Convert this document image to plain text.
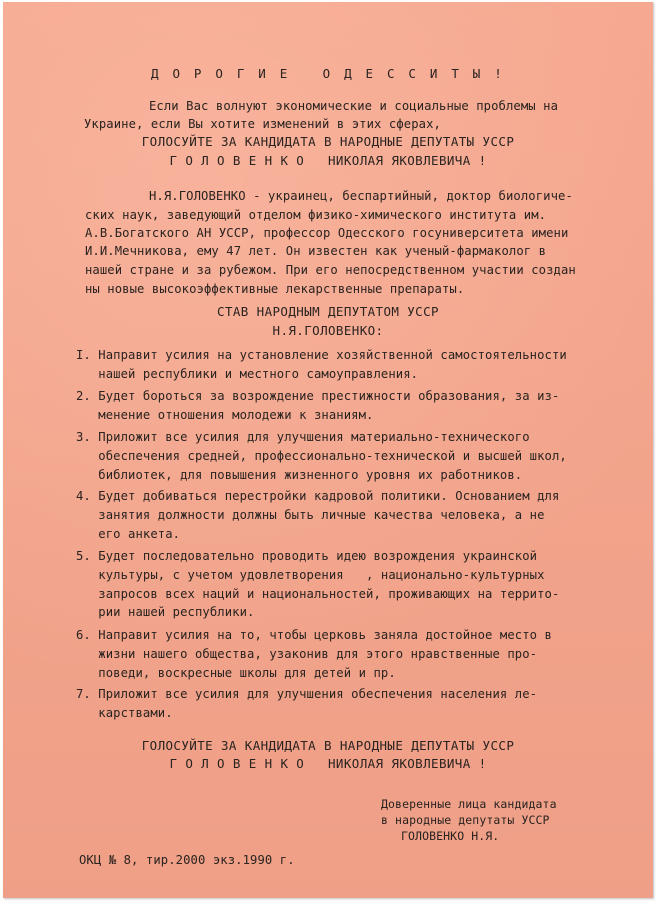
Д О Р О Г И Е   О Д Е С С И Т Ы !
Если Вас волнуют экономические и социальные проблемы на
Украине, если Вы хотите изменений в этих сферах,
ГОЛОСУЙТЕ ЗА КАНДИДАТА В НАРОДНЫЕ ДЕПУТАТЫ УССР
Г О Л О В Е Н К О   НИКОЛАЯ ЯКОВЛЕВИЧА !
Н.Я.ГОЛОВЕНКО - украинец, беспартийный, доктор биологиче-
ских наук, заведующий отделом физико-химического института им.
А.В.Богатского АН УССР, профессор Одесского госуниверситета имени
И.И.Мечникова, ему 47 лет. Он известен как ученый-фармаколог в
нашей стране и за рубежом. При его непосредственном участии создан
ны новые высокоэффективные лекарственные препараты.
СТАВ НАРОДНЫМ ДЕПУТАТОМ УССР
Н.Я.ГОЛОВЕНКО:
I. Направит усилия на установление хозяйственной самостоятельности
нашей республики и местного самоуправления.
2. Будет бороться за возрождение престижности образования, за из-
менение отношения молодежи к знаниям.
3. Приложит все усилия для улучшения материально-технического
обеспечения средней, профессионально-технической и высшей школ,
библиотек, для повышения жизненного уровня их работников.
4. Будет добиваться перестройки кадровой политики. Основанием для
занятия должности должны быть личные качества человека, а не
его анкета.
5. Будет последовательно проводить идею возрождения украинской
культуры, с учетом удовлетворения   , национально-культурных
запросов всех наций и национальностей, проживающих на террито-
рии нашей республики.
6. Направит усилия на то, чтобы церковь заняла достойное место в
жизни нашего общества, узаконив для этого нравственные про-
поведи, воскресные школы для детей и пр.
7. Приложит все усилия для улучшения обеспечения населения ле-
карствами.
ГОЛОСУЙТЕ ЗА КАНДИДАТА В НАРОДНЫЕ ДЕПУТАТЫ УССР
Г О Л О В Е Н К О   НИКОЛАЯ ЯКОВЛЕВИЧА !
Доверенные лица кандидата
в народные депутаты УССР
ГОЛОВЕНКО Н.Я.
ОКЦ № 8, тир.2000 экз.1990 г.
